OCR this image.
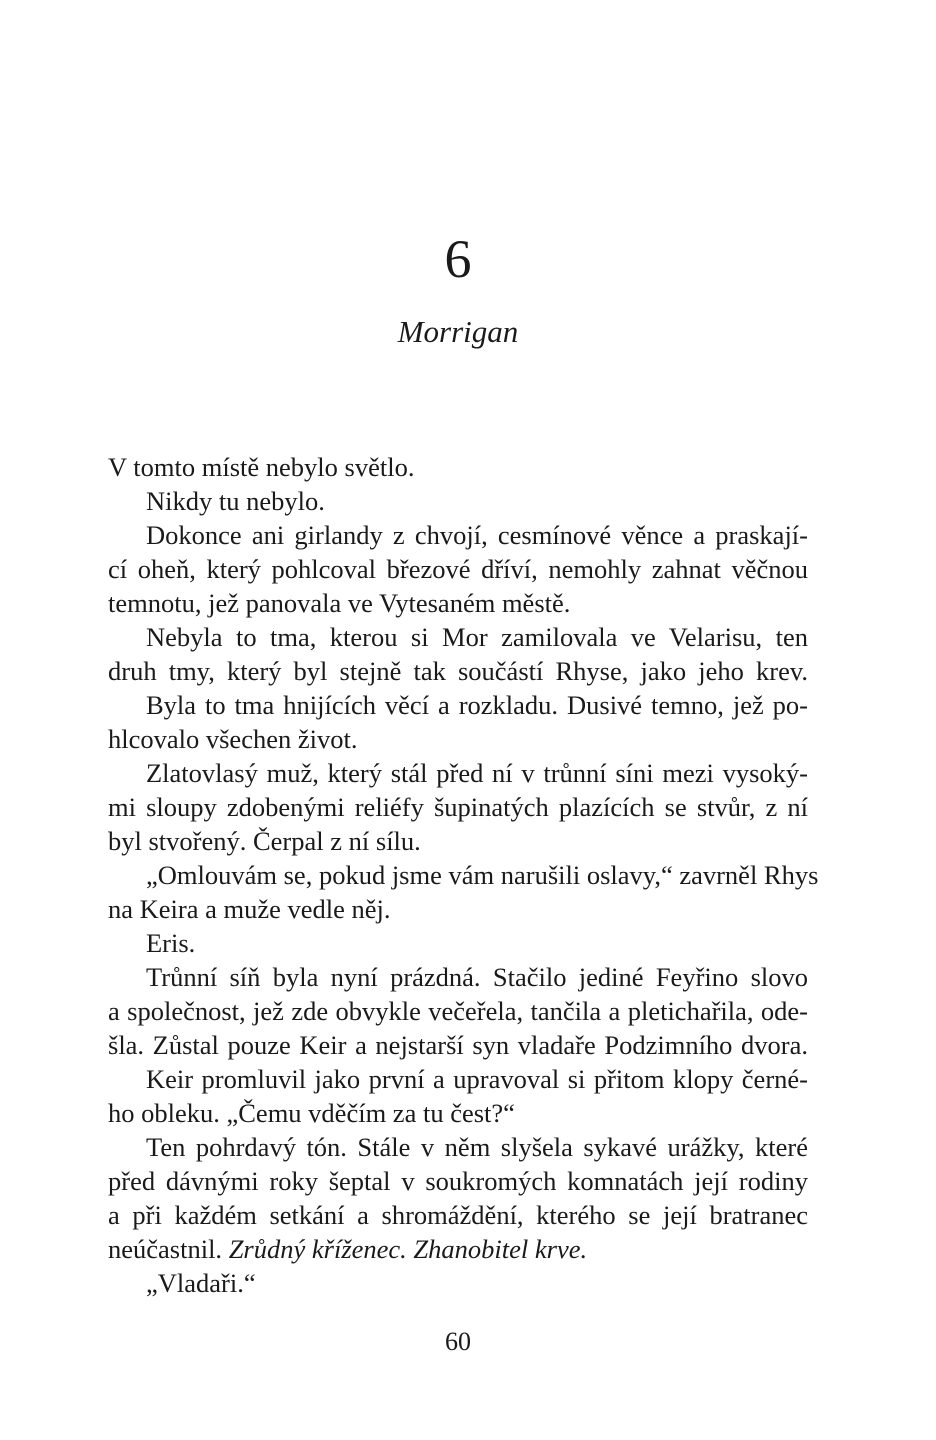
6
Morrigan
V tomto místě nebylo světlo.
Nikdy tu nebylo.
Dokonce ani girlandy z chvojí, cesmínové věnce a praskají-
cí oheň, který pohlcoval březové dříví, nemohly zahnat věčnou
temnotu, jež panovala ve Vytesaném městě.
Nebyla to tma, kterou si Mor zamilovala ve Velarisu, ten
druh tmy, který byl stejně tak součástí Rhyse, jako jeho krev.
Byla to tma hnijících věcí a rozkladu. Dusivé temno, jež po-
hlcovalo všechen život.
Zlatovlasý muž, který stál před ní v trůnní síni mezi vysoký-
mi sloupy zdobenými reliéfy šupinatých plazících se stvůr, z ní
byl stvořený. Čerpal z ní sílu.
„Omlouvám se, pokud jsme vám narušili oslavy,“ zavrněl Rhys
na Keira a muže vedle něj.
Eris.
Trůnní síň byla nyní prázdná. Stačilo jediné Feyřino slovo
a společnost, jež zde obvykle večeřela, tančila a pletichařila, ode-
šla. Zůstal pouze Keir a nejstarší syn vladaře Podzimního dvora.
Keir promluvil jako první a upravoval si přitom klopy černé-
ho obleku. „Čemu vděčím za tu čest?“
Ten pohrdavý tón. Stále v něm slyšela sykavé urážky, které
před dávnými roky šeptal v soukromých komnatách její rodiny
a při každém setkání a shromáždění, kterého se její bratranec
neúčastnil. Zrůdný kříženec. Zhanobitel krve.
„Vladaři.“
60
